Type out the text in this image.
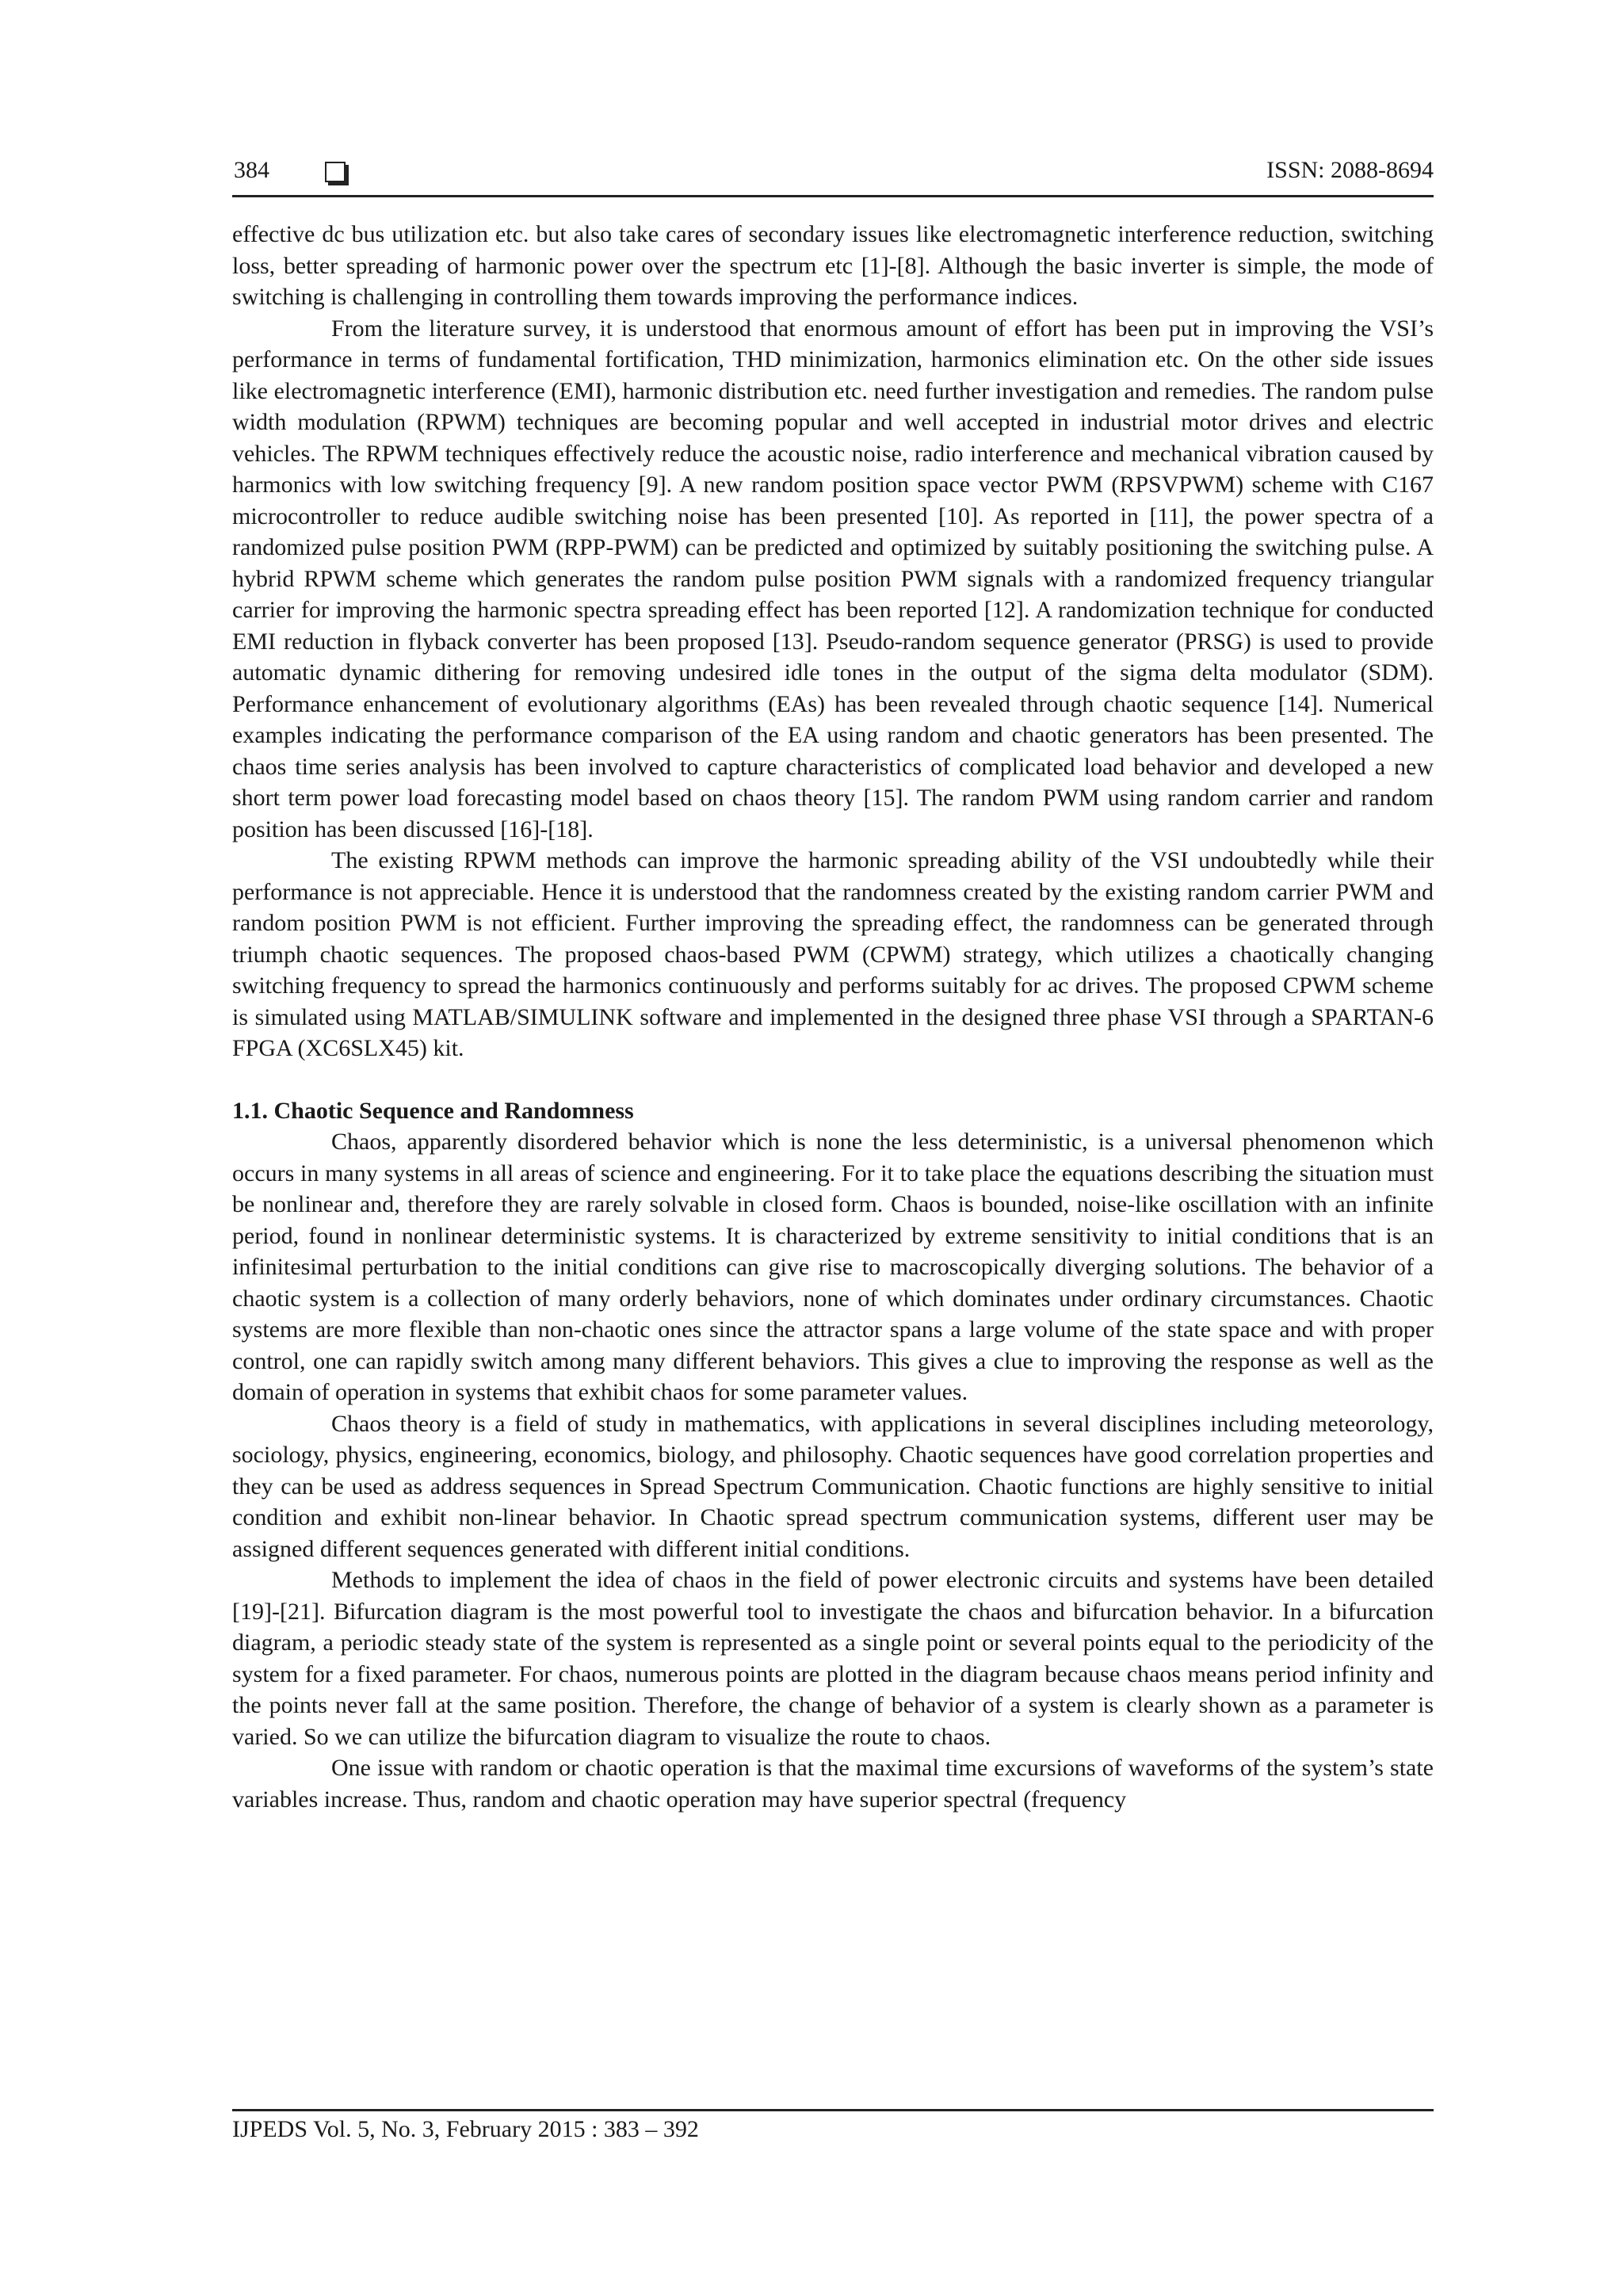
384	ISSN: 2088-8694

effective dc bus utilization etc. but also take cares of secondary issues like electromagnetic interference reduction, switching loss, better spreading of harmonic power over the spectrum etc [1]-[8]. Although the basic inverter is simple, the mode of switching is challenging in controlling them towards improving the performance indices.

From the literature survey, it is understood that enormous amount of effort has been put in improving the VSI’s performance in terms of fundamental fortification, THD minimization, harmonics elimination etc. On the other side issues like electromagnetic interference (EMI), harmonic distribution etc. need further investigation and remedies. The random pulse width modulation (RPWM) techniques are becoming popular and well accepted in industrial motor drives and electric vehicles. The RPWM techniques effectively reduce the acoustic noise, radio interference and mechanical vibration caused by harmonics with low switching frequency [9]. A new random position space vector PWM (RPSVPWM) scheme with C167 microcontroller to reduce audible switching noise has been presented [10]. As reported in [11], the power spectra of a randomized pulse position PWM (RPP-PWM) can be predicted and optimized by suitably positioning the switching pulse. A hybrid RPWM scheme which generates the random pulse position PWM signals with a randomized frequency triangular carrier for improving the harmonic spectra spreading effect has been reported [12]. A randomization technique for conducted EMI reduction in flyback converter has been proposed [13]. Pseudo-random sequence generator (PRSG) is used to provide automatic dynamic dithering for removing undesired idle tones in the output of the sigma delta modulator (SDM). Performance enhancement of evolutionary algorithms (EAs) has been revealed through chaotic sequence [14]. Numerical examples indicating the performance comparison of the EA using random and chaotic generators has been presented. The chaos time series analysis has been involved to capture characteristics of complicated load behavior and developed a new short term power load forecasting model based on chaos theory [15]. The random PWM using random carrier and random position has been discussed [16]-[18].

The existing RPWM methods can improve the harmonic spreading ability of the VSI undoubtedly while their performance is not appreciable. Hence it is understood that the randomness created by the existing random carrier PWM and random position PWM is not efficient. Further improving the spreading effect, the randomness can be generated through triumph chaotic sequences. The proposed chaos-based PWM (CPWM) strategy, which utilizes a chaotically changing switching frequency to spread the harmonics continuously and performs suitably for ac drives. The proposed CPWM scheme is simulated using MATLAB/SIMULINK software and implemented in the designed three phase VSI through a SPARTAN-6 FPGA (XC6SLX45) kit.

1.1. Chaotic Sequence and Randomness

Chaos, apparently disordered behavior which is none the less deterministic, is a universal phenomenon which occurs in many systems in all areas of science and engineering. For it to take place the equations describing the situation must be nonlinear and, therefore they are rarely solvable in closed form. Chaos is bounded, noise-like oscillation with an infinite period, found in nonlinear deterministic systems. It is characterized by extreme sensitivity to initial conditions that is an infinitesimal perturbation to the initial conditions can give rise to macroscopically diverging solutions. The behavior of a chaotic system is a collection of many orderly behaviors, none of which dominates under ordinary circumstances. Chaotic systems are more flexible than non-chaotic ones since the attractor spans a large volume of the state space and with proper control, one can rapidly switch among many different behaviors. This gives a clue to improving the response as well as the domain of operation in systems that exhibit chaos for some parameter values.

Chaos theory is a field of study in mathematics, with applications in several disciplines including meteorology, sociology, physics, engineering, economics, biology, and philosophy. Chaotic sequences have good correlation properties and they can be used as address sequences in Spread Spectrum Communication. Chaotic functions are highly sensitive to initial condition and exhibit non-linear behavior. In Chaotic spread spectrum communication systems, different user may be assigned different sequences generated with different initial conditions.

Methods to implement the idea of chaos in the field of power electronic circuits and systems have been detailed [19]-[21]. Bifurcation diagram is the most powerful tool to investigate the chaos and bifurcation behavior. In a bifurcation diagram, a periodic steady state of the system is represented as a single point or several points equal to the periodicity of the system for a fixed parameter. For chaos, numerous points are plotted in the diagram because chaos means period infinity and the points never fall at the same position. Therefore, the change of behavior of a system is clearly shown as a parameter is varied. So we can utilize the bifurcation diagram to visualize the route to chaos.

One issue with random or chaotic operation is that the maximal time excursions of waveforms of the system’s state variables increase. Thus, random and chaotic operation may have superior spectral (frequency

IJPEDS Vol. 5, No. 3, February 2015 : 383 – 392
